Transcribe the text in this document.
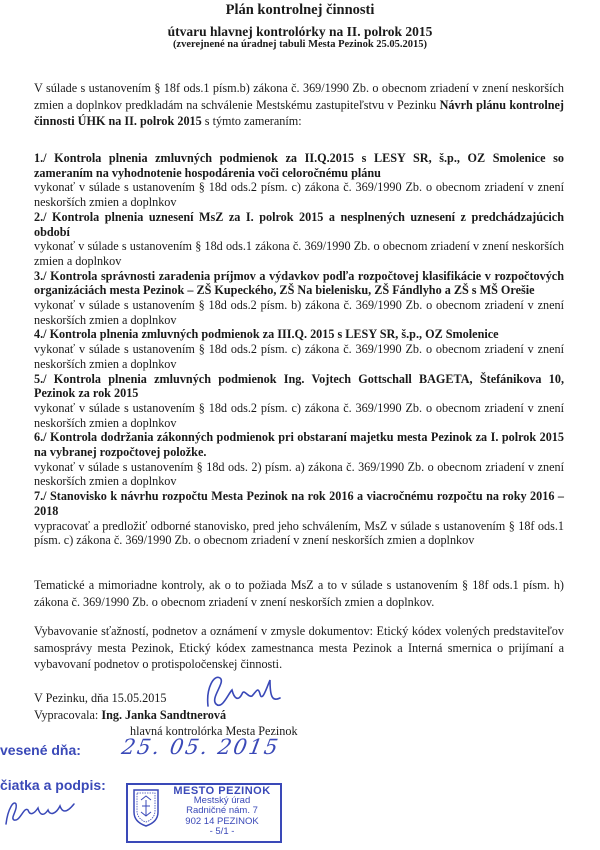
Plán kontrolnej činnosti
útvaru hlavnej kontrolórky na II. polrok 2015
(zverejnené na úradnej tabuli Mesta Pezinok 25.05.2015)
V súlade s ustanovením § 18f ods.1 písm.b) zákona č. 369/1990 Zb. o obecnom zriadení v znení neskorších zmien a doplnkov predkladám na schválenie Mestskému zastupiteľstvu v Pezinku Návrh plánu kontrolnej činnosti ÚHK na II. polrok 2015 s týmto zameraním:
1./ Kontrola plnenia zmluvných podmienok za II.Q.2015 s LESY SR, š.p., OZ Smolenice so zameraním na vyhodnotenie hospodárenia voči celoročnému plánu
vykonať v súlade s ustanovením § 18d ods.2 písm. c) zákona č. 369/1990 Zb. o obecnom zriadení v znení neskorších zmien a doplnkov
2./ Kontrola plnenia uznesení MsZ za I. polrok 2015 a nesplnených uznesení z predchádzajúcich období
vykonať v súlade s ustanovením § 18d ods.1 zákona č. 369/1990 Zb. o obecnom zriadení v znení neskorších zmien a doplnkov
3./ Kontrola správnosti zaradenia príjmov a výdavkov podľa rozpočtovej klasifikácie v rozpočtových organizáciách mesta Pezinok – ZŠ Kupeckého, ZŠ Na bielenisku, ZŠ Fándlyho a ZŠ s MŠ Orešie
vykonať v súlade s ustanovením § 18d ods.2 písm. b) zákona č. 369/1990 Zb. o obecnom zriadení v znení neskorších zmien a doplnkov
4./ Kontrola plnenia zmluvných podmienok za III.Q. 2015 s LESY SR, š.p., OZ Smolenice
vykonať v súlade s ustanovením § 18d ods.2 písm. c) zákona č. 369/1990 Zb. o obecnom zriadení v znení neskorších zmien a doplnkov
5./ Kontrola plnenia zmluvných podmienok Ing. Vojtech Gottschall BAGETA, Štefánikova 10, Pezinok za rok 2015
vykonať v súlade s ustanovením § 18d ods.2 písm. c) zákona č. 369/1990 Zb. o obecnom zriadení v znení neskorších zmien a doplnkov
6./ Kontrola dodržania zákonných podmienok pri obstaraní majetku mesta Pezinok za I. polrok 2015 na vybranej rozpočtovej položke.
vykonať v súlade s ustanovením § 18d ods. 2) písm. a) zákona č. 369/1990 Zb. o obecnom zriadení v znení neskorších zmien a doplnkov
7./ Stanovisko k návrhu rozpočtu Mesta Pezinok na rok 2016 a viacročnému rozpočtu na roky 2016 – 2018
vypracovať a predložiť odborné stanovisko, pred jeho schválením, MsZ v súlade s ustanovením § 18f ods.1 písm. c) zákona č. 369/1990 Zb. o obecnom zriadení v znení neskorších zmien a doplnkov
Tematické a mimoriadne kontroly, ak o to požiada MsZ a to v súlade s ustanovením § 18f ods.1 písm. h) zákona č. 369/1990 Zb. o obecnom zriadení v znení neskorších zmien a doplnkov.
Vybavovanie sťažností, podnetov a oznámení v zmysle dokumentov: Etický kódex volených predstaviteľov samosprávy mesta Pezinok, Etický kódex zamestnanca mesta Pezinok a Interná smernica o prijímaní a vybavovaní podnetov o protispoločenskej činnosti.
V Pezinku, dňa 15.05.2015
Vypracovala: Ing. Janka Sandtnerová
hlavná kontrolórka Mesta Pezinok
vesené dňa: 25. 05. 2015
čiatka a podpis:	MESTO PEZINOK
Mestský úrad
Radničné nám. 7
902 14 PEZINOK
- 5/1 -
